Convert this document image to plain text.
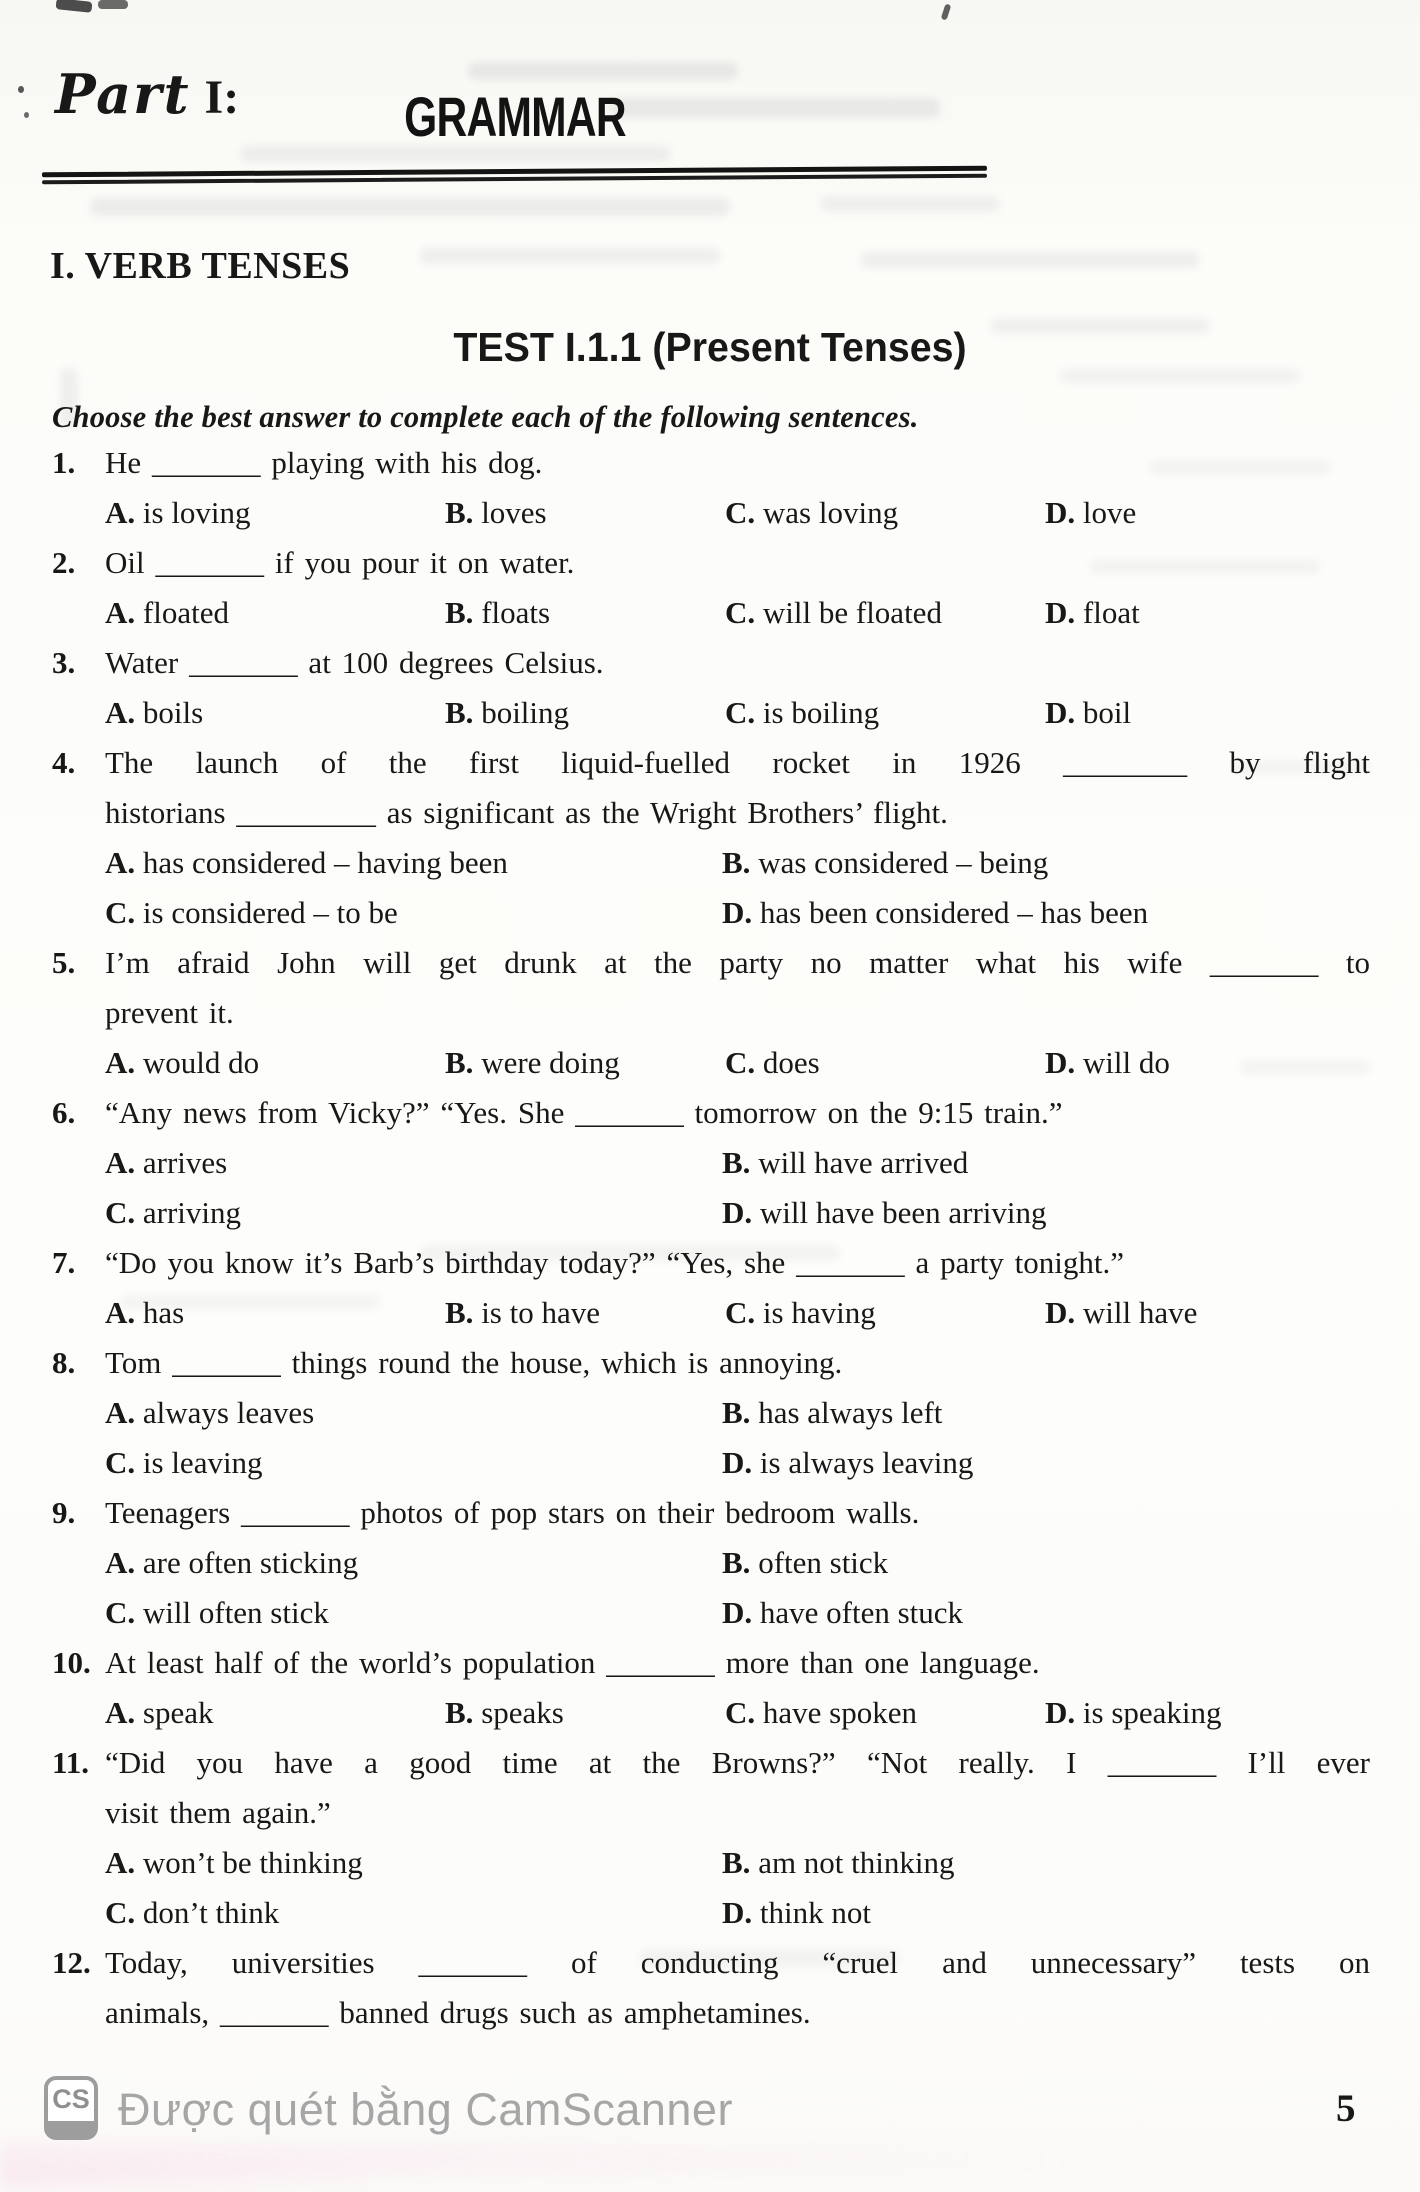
Part I:	GRAMMAR
I. VERB TENSES
TEST I.1.1 (Present Tenses)
Choose the best answer to complete each of the following sentences.
1. He _______ playing with his dog.
A. is loving	B. loves	C. was loving	D. love
2. Oil _______ if you pour it on water.
A. floated	B. floats	C. will be floated	D. float
3. Water _______ at 100 degrees Celsius.
A. boils	B. boiling	C. is boiling	D. boil
4. The launch of the first liquid-fuelled rocket in 1926 ________ by flight
historians _________ as significant as the Wright Brothers’ flight.
A. has considered – having been	B. was considered – being
C. is considered – to be	D. has been considered – has been
5. I’m afraid John will get drunk at the party no matter what his wife _______ to
prevent it.
A. would do	B. were doing	C. does	D. will do
6. “Any news from Vicky?” “Yes. She _______ tomorrow on the 9:15 train.”
A. arrives	B. will have arrived
C. arriving	D. will have been arriving
7. “Do you know it’s Barb’s birthday today?” “Yes, she _______ a party tonight.”
A. has	B. is to have	C. is having	D. will have
8. Tom _______ things round the house, which is annoying.
A. always leaves	B. has always left
C. is leaving	D. is always leaving
9. Teenagers _______ photos of pop stars on their bedroom walls.
A. are often sticking	B. often stick
C. will often stick	D. have often stuck
10. At least half of the world’s population _______ more than one language.
A. speak	B. speaks	C. have spoken	D. is speaking
11. “Did you have a good time at the Browns?” “Not really. I _______ I’ll ever
visit them again.”
A. won’t be thinking	B. am not thinking
C. don’t think	D. think not
12. Today, universities _______ of conducting “cruel and unnecessary” tests on
animals, _______ banned drugs such as amphetamines.
CS Được quét bằng CamScanner	5
